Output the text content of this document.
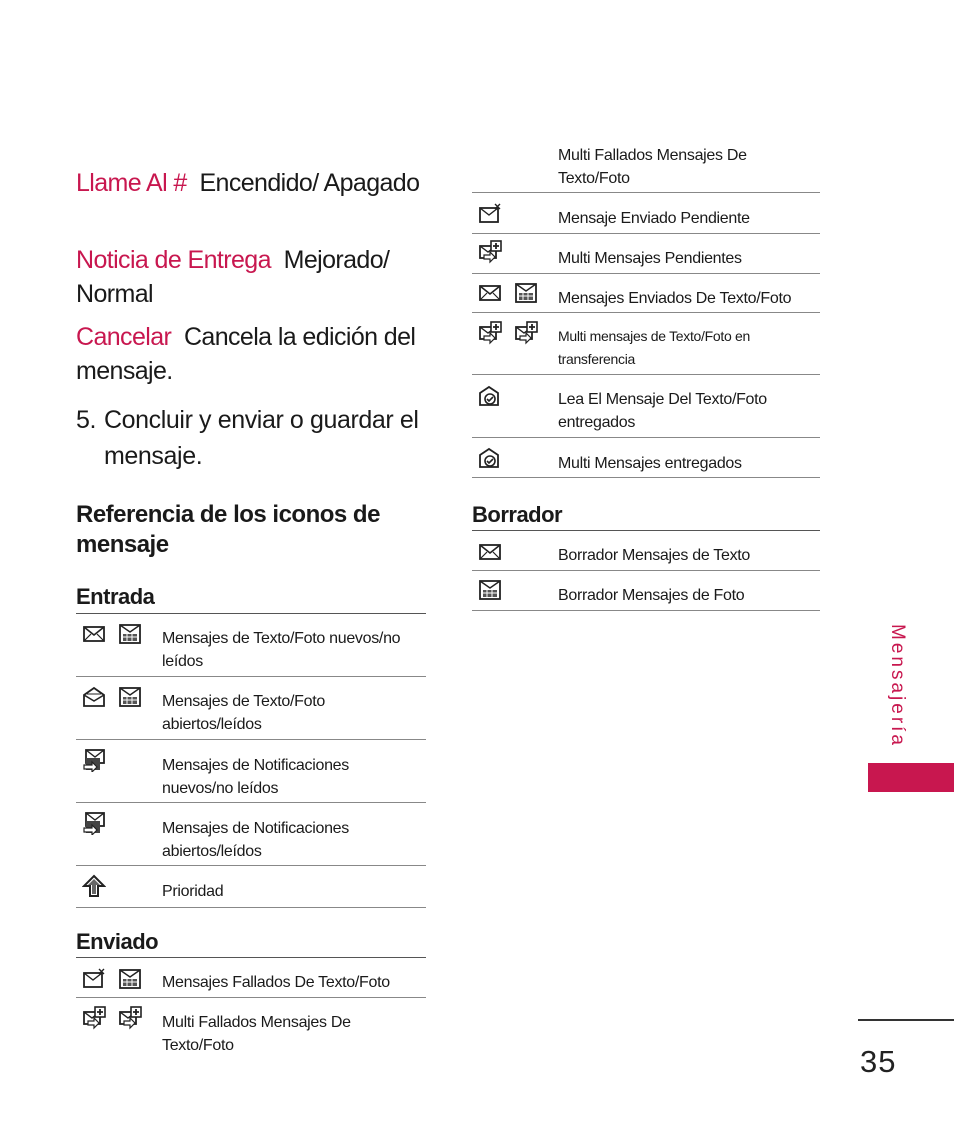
Llame Al # Encendido/ Apagado
Noticia de Entrega Mejorado/ Normal
Cancelar Cancela la edición del mensaje.
5. Concluir y enviar o guardar el mensaje.
Referencia de los iconos de mensaje
Entrada
Mensajes de Texto/Foto nuevos/no leídos
Mensajes de Texto/Foto abiertos/leídos
Mensajes de Notificaciones nuevos/no leídos
Mensajes de Notificaciones abiertos/leídos
Prioridad
Enviado
Mensajes Fallados De Texto/Foto
Multi Fallados Mensajes De Texto/Foto
Multi Fallados Mensajes De Texto/Foto
Mensaje Enviado Pendiente
Multi Mensajes Pendientes
Mensajes Enviados De Texto/Foto
Multi mensajes de Texto/Foto en transferencia
Lea El Mensaje Del Texto/Foto entregados
Multi Mensajes entregados
Borrador
Borrador Mensajes de Texto
Borrador Mensajes de Foto
Mensajería
35
